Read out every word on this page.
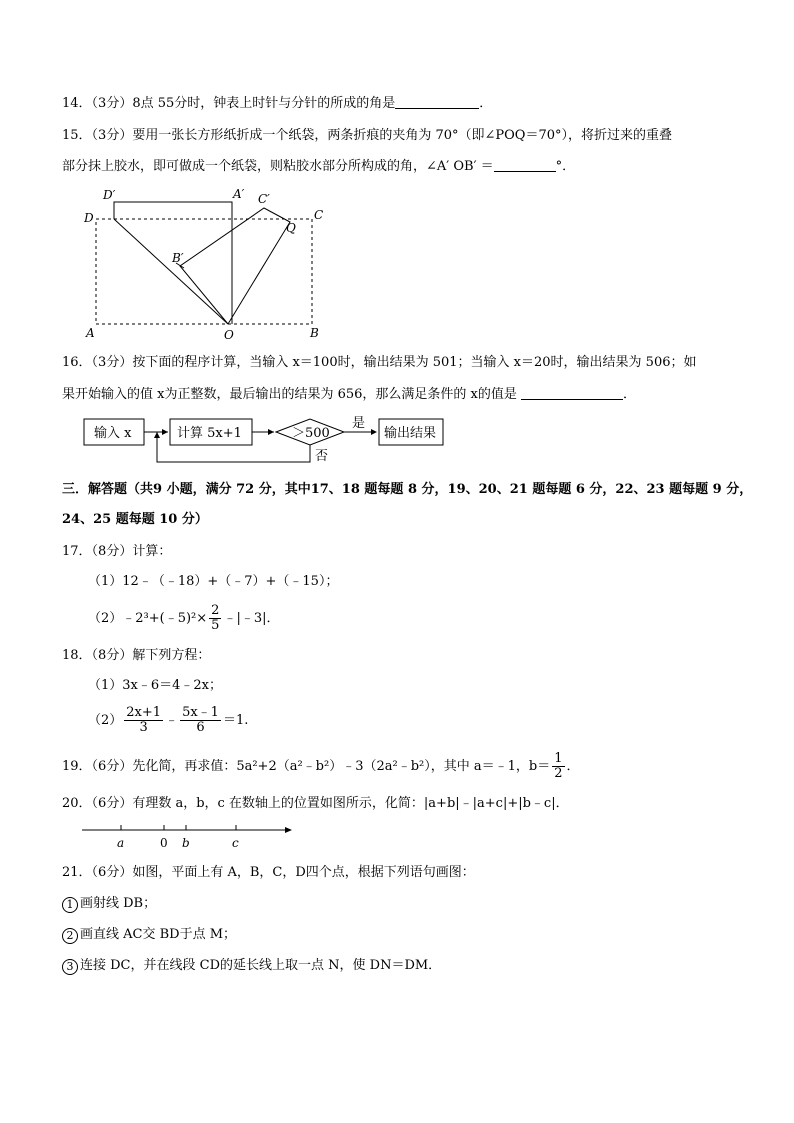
14．（3分）8点 55分时，钟表上时针与分针的所成的角是	．
15．（3分）要用一张长方形纸折成一个纸袋，两条折痕的夹角为 70°（即∠POQ＝70°），将折过来的重叠
部分抹上胶水，即可做成一个纸袋，则粘胶水部分所构成的角，∠A′ OB′ ＝	°．
D′	A′ C′
C
D
Q
B′
A	O	B
16．（3分）按下面的程序计算，当输入 x＝100时，输出结果为 501；当输入 x＝20时，输出结果为 506；如
果开始输入的值 x为正整数，最后输出的结果为 656，那么满足条件的 x的值是	．
输入 x	计算 5x+1	＞500
是
输出结果
否
三．解答题（共9 小题，满分 72 分，其中17、18 题每题 8 分，19、20、21 题每题 6 分，22、23 题每题 9 分，
24、25 题每题 10 分）
17．（8分）计算：
（1）12﹣（﹣18）+（﹣7）+（﹣15）；
（2）﹣2³+(﹣5)²× $\frac{2}{5}$ ﹣|﹣3|．
18．（8分）解下列方程：
（1）3x﹣6＝4﹣2x；
$(2) \frac{2x+1}{3}$ ﹣ $\frac{5x﹣1}{6} =1$.
19．（6分）先化简，再求值：5a²+2（a²﹣b²）﹣3（2a²﹣b²），其中 a＝﹣1，$b= \frac{1}{2}$ ．
20．（6分）有理数 a，b，c 在数轴上的位置如图所示，化简：|a+b|﹣|a+c|+|b﹣c|．
a	0 b	c
21．（6分）如图，平面上有 A，B，C，D四个点，根据下列语句画图：
1 画射线 DB；
2 画直线 AC交 BD于点 M；
3 连接 DC，并在线段 CD的延长线上取一点 N，使 DN＝DM．
